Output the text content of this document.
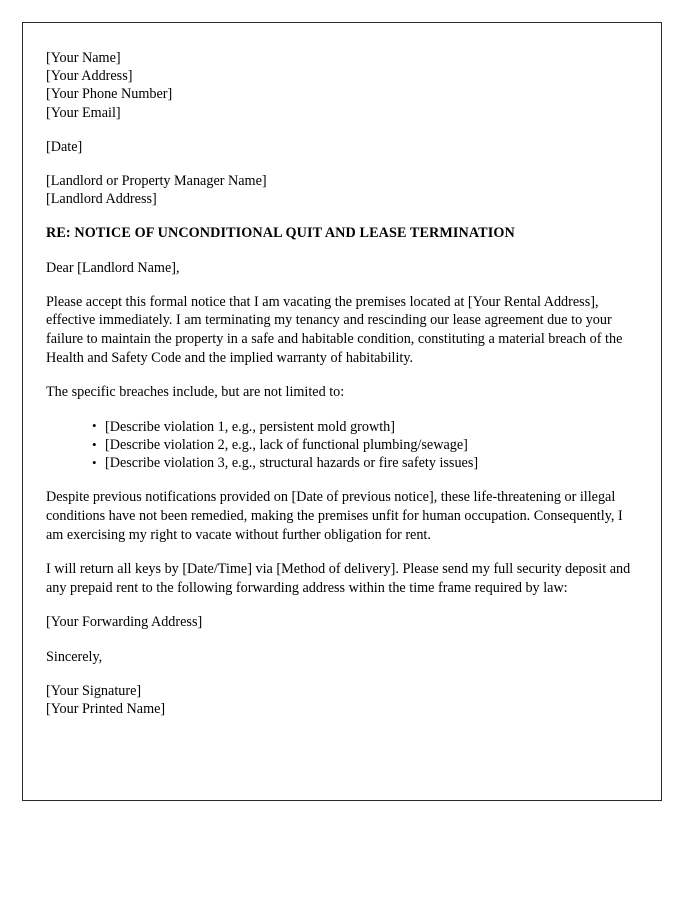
[Your Name]
[Your Address]
[Your Phone Number]
[Your Email]
[Date]
[Landlord or Property Manager Name]
[Landlord Address]
RE: NOTICE OF UNCONDITIONAL QUIT AND LEASE TERMINATION
Dear [Landlord Name],

Please accept this formal notice that I am vacating the premises located at [Your Rental Address], effective immediately. I am terminating my tenancy and rescinding our lease agreement due to your failure to maintain the property in a safe and habitable condition, constituting a material breach of the Health and Safety Code and the implied warranty of habitability.

The specific breaches include, but are not limited to:

• [Describe violation 1, e.g., persistent mold growth]
• [Describe violation 2, e.g., lack of functional plumbing/sewage]
• [Describe violation 3, e.g., structural hazards or fire safety issues]

Despite previous notifications provided on [Date of previous notice], these life-threatening or illegal conditions have not been remedied, making the premises unfit for human occupation. Consequently, I am exercising my right to vacate without further obligation for rent.

I will return all keys by [Date/Time] via [Method of delivery]. Please send my full security deposit and any prepaid rent to the following forwarding address within the time frame required by law:

[Your Forwarding Address]
Sincerely,
[Your Signature]
[Your Printed Name]
